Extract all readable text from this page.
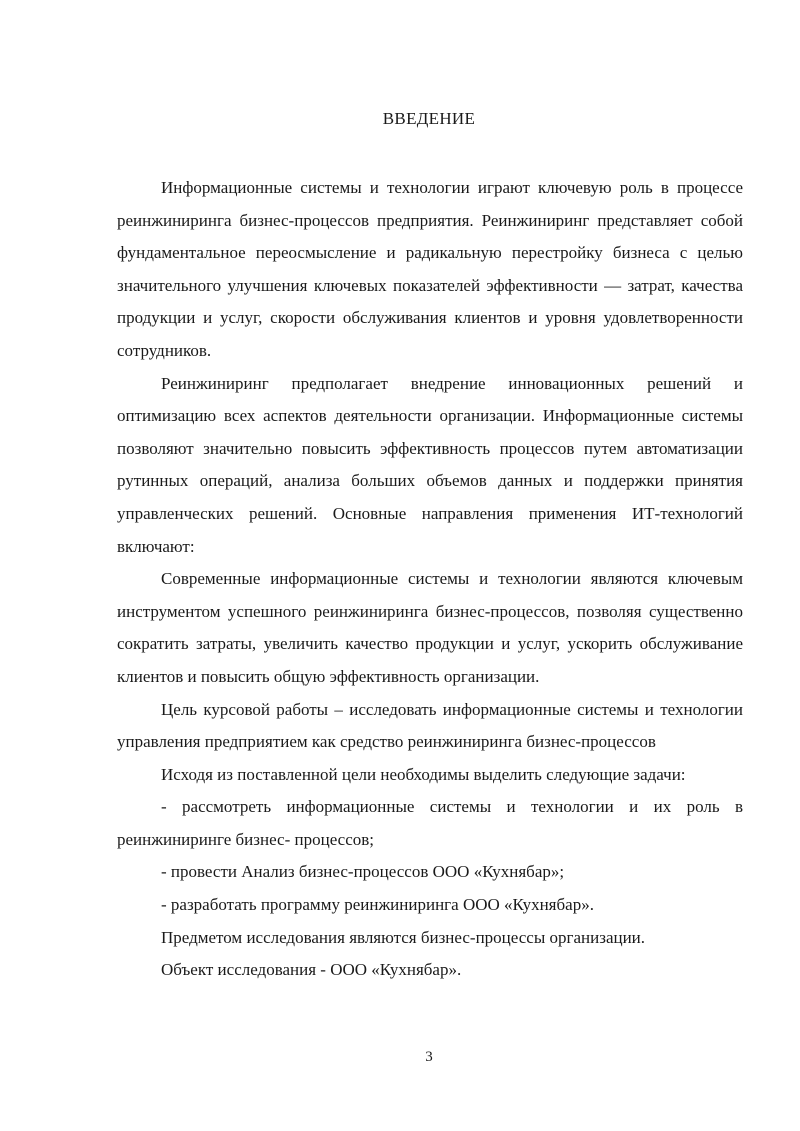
ВВЕДЕНИЕ

Информационные системы и технологии играют ключевую роль в процессе реинжиниринга бизнес-процессов предприятия. Реинжиниринг представляет собой фундаментальное переосмысление и радикальную перестройку бизнеса с целью значительного улучшения ключевых показателей эффективности — затрат, качества продукции и услуг, скорости обслуживания клиентов и уровня удовлетворенности сотрудников.

Реинжиниринг предполагает внедрение инновационных решений и оптимизацию всех аспектов деятельности организации. Информационные системы позволяют значительно повысить эффективность процессов путем автоматизации рутинных операций, анализа больших объемов данных и поддержки принятия управленческих решений. Основные направления применения ИТ-технологий включают:

Современные информационные системы и технологии являются ключевым инструментом успешного реинжиниринга бизнес-процессов, позволяя существенно сократить затраты, увеличить качество продукции и услуг, ускорить обслуживание клиентов и повысить общую эффективность организации.

Цель курсовой работы – исследовать информационные системы и технологии управления предприятием как средство реинжиниринга бизнес-процессов

Исходя из поставленной цели необходимы выделить следующие задачи:

- рассмотреть информационные системы и технологии и их роль в реинжиниринге бизнес- процессов;

- провести Анализ бизнес-процессов ООО «Кухнябар»;

- разработать программу реинжиниринга ООО «Кухнябар».

Предметом исследования являются бизнес-процессы организации.

Объект исследования - ООО «Кухнябар».

3
